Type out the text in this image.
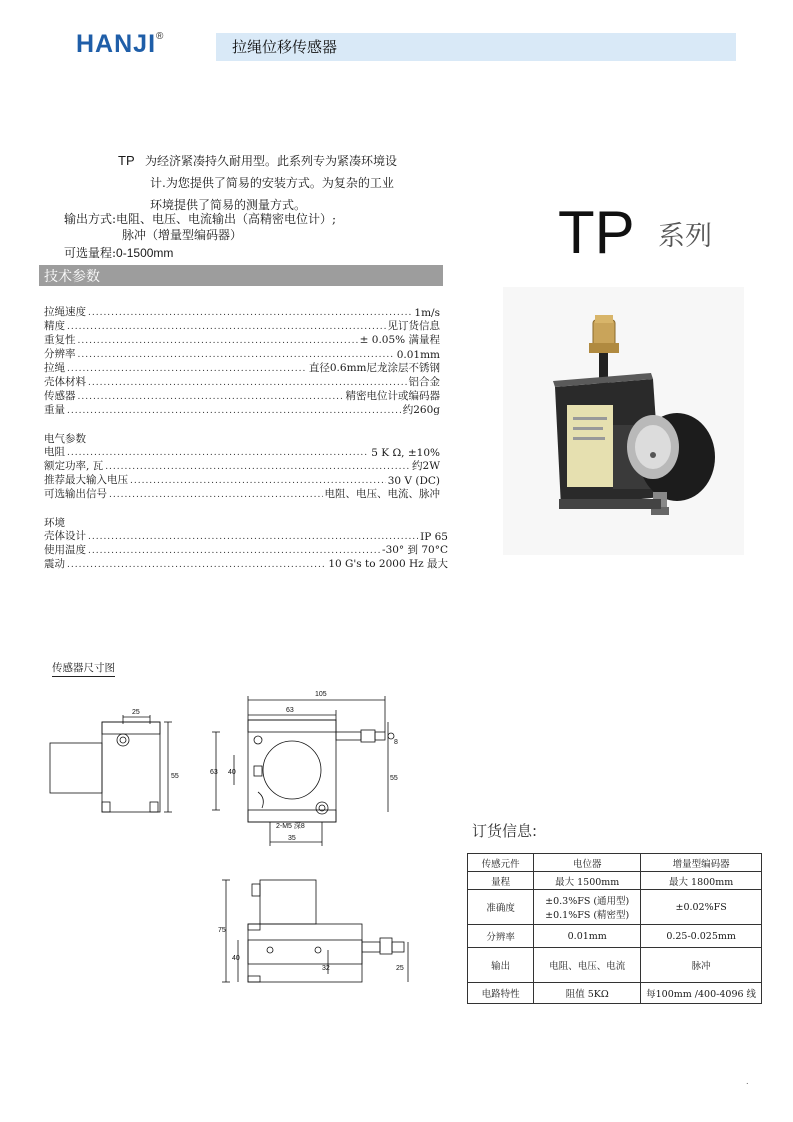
HANJI®
拉绳位移传感器
TP 为经济紧凑持久耐用型。此系列专为紧凑环境设
计.为您提供了简易的安装方式。为复杂的工业
环境提供了简易的测量方式。
输出方式:电阻、电压、电流输出（高精密电位计）;
脉冲（增量型编码器）
可选量程:0-1500mm	TP 系列
技术参数
拉绳速度 .....	1m/s
精度 .....	见订货信息
重复性 .....	± 0.05% 满量程
分辨率 .....	0.01mm
拉绳 .....	直径0.6mm尼龙涂层不锈钢
壳体材料 .....	铝合金
传感器 .....	精密电位计或编码器
重量 .....	约260g
电气参数
电阻 .....	5 K Ω, ±10%
额定功率, 瓦 .....	约2W
推荐最大输入电压 .....	30 V (DC)
可选输出信号 .....	电阻、电压、电流、脉冲
环境
壳体设计 .....	IP 65
使用温度 .....	-30° 到 70°C
震动 .....	10 G's to 2000 Hz 最大
传感器尺寸图
25
55
105
63
63 40
55
35
75
40
25
32
8
2-M5 深8	订货信息:
传感元件	电位器	增量型编码器
量程	最大 1500mm	最大 1800mm
准确度	±0.3%FS (通用型)
±0.1%FS (精密型)	±0.02%FS
分辨率	0.01mm	0.25-0.025mm
输出	电阻、电压、电流	脉冲
电路特性	阻值 5KΩ	每100mm /400-4096 线
.
